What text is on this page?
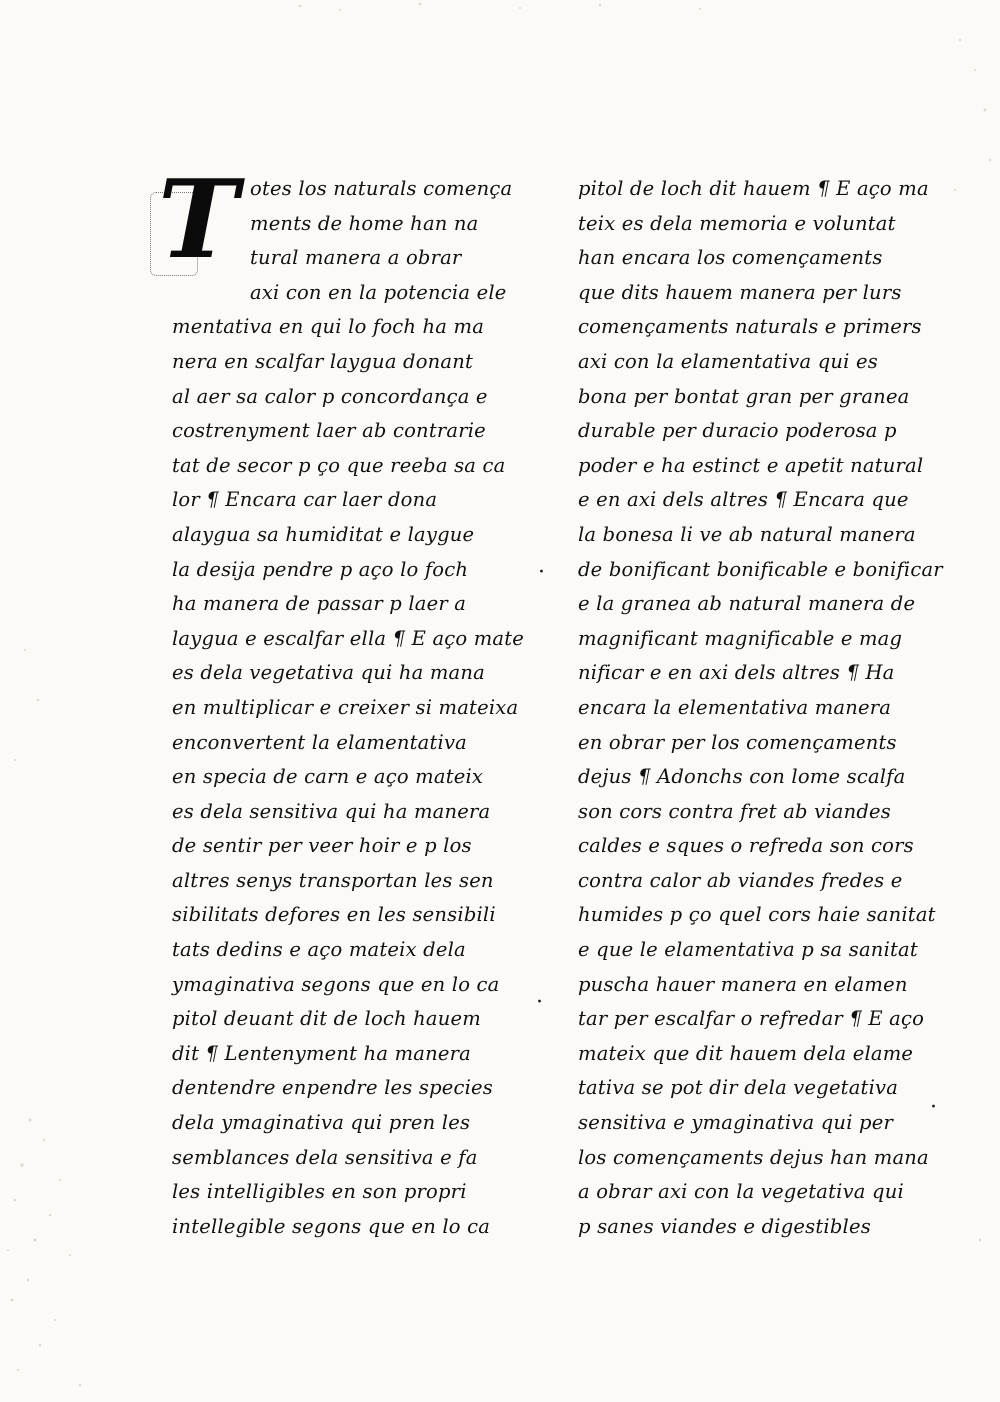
T
·
·
·
otes los naturals comença
ments de home han na
tural manera a obrar
axi con en la potencia ele
mentativa en qui lo foch ha ma
nera en scalfar laygua donant
al aer sa calor p concordança e
costrenyment laer ab contrarie
tat de secor p ço que reeba sa ca
lor ¶ Encara car laer dona
alaygua sa humiditat e laygue
la desija pendre p aço lo foch
ha manera de passar p laer a
laygua e escalfar ella ¶ E aço mate
es dela vegetativa qui ha mana
en multiplicar e creixer si mateixa
enconvertent la elamentativa
en specia de carn e aço mateix
es dela sensitiva qui ha manera
de sentir per veer hoir e p los
altres senys transportan les sen
sibilitats defores en les sensibili
tats dedins e aço mateix dela
ymaginativa segons que en lo ca
pitol deuant dit de loch hauem
dit ¶ Lentenyment ha manera
dentendre enpendre les species
dela ymaginativa qui pren les
semblances dela sensitiva e fa
les intelligibles en son propri
intellegible segons que en lo ca
pitol de loch dit hauem ¶ E aço ma
teix es dela memoria e voluntat
han encara los començaments
que dits hauem manera per lurs
començaments naturals e primers
axi con la elamentativa qui es
bona per bontat gran per granea
durable per duracio poderosa p
poder e ha estinct e apetit natural
e en axi dels altres ¶ Encara que
la bonesa li ve ab natural manera
de bonificant bonificable e bonificar
e la granea ab natural manera de
magnificant magnificable e mag
nificar e en axi dels altres ¶ Ha
encara la elementativa manera
en obrar per los començaments
dejus ¶ Adonchs con lome scalfa
son cors contra fret ab viandes
caldes e sques o refreda son cors
contra calor ab viandes fredes e
humides p ço quel cors haie sanitat
e que le elamentativa p sa sanitat
puscha hauer manera en elamen
tar per escalfar o refredar ¶ E aço
mateix que dit hauem dela elame
tativa se pot dir dela vegetativa
sensitiva e ymaginativa qui per
los començaments dejus han mana
a obrar axi con la vegetativa qui
p sanes viandes e digestibles
